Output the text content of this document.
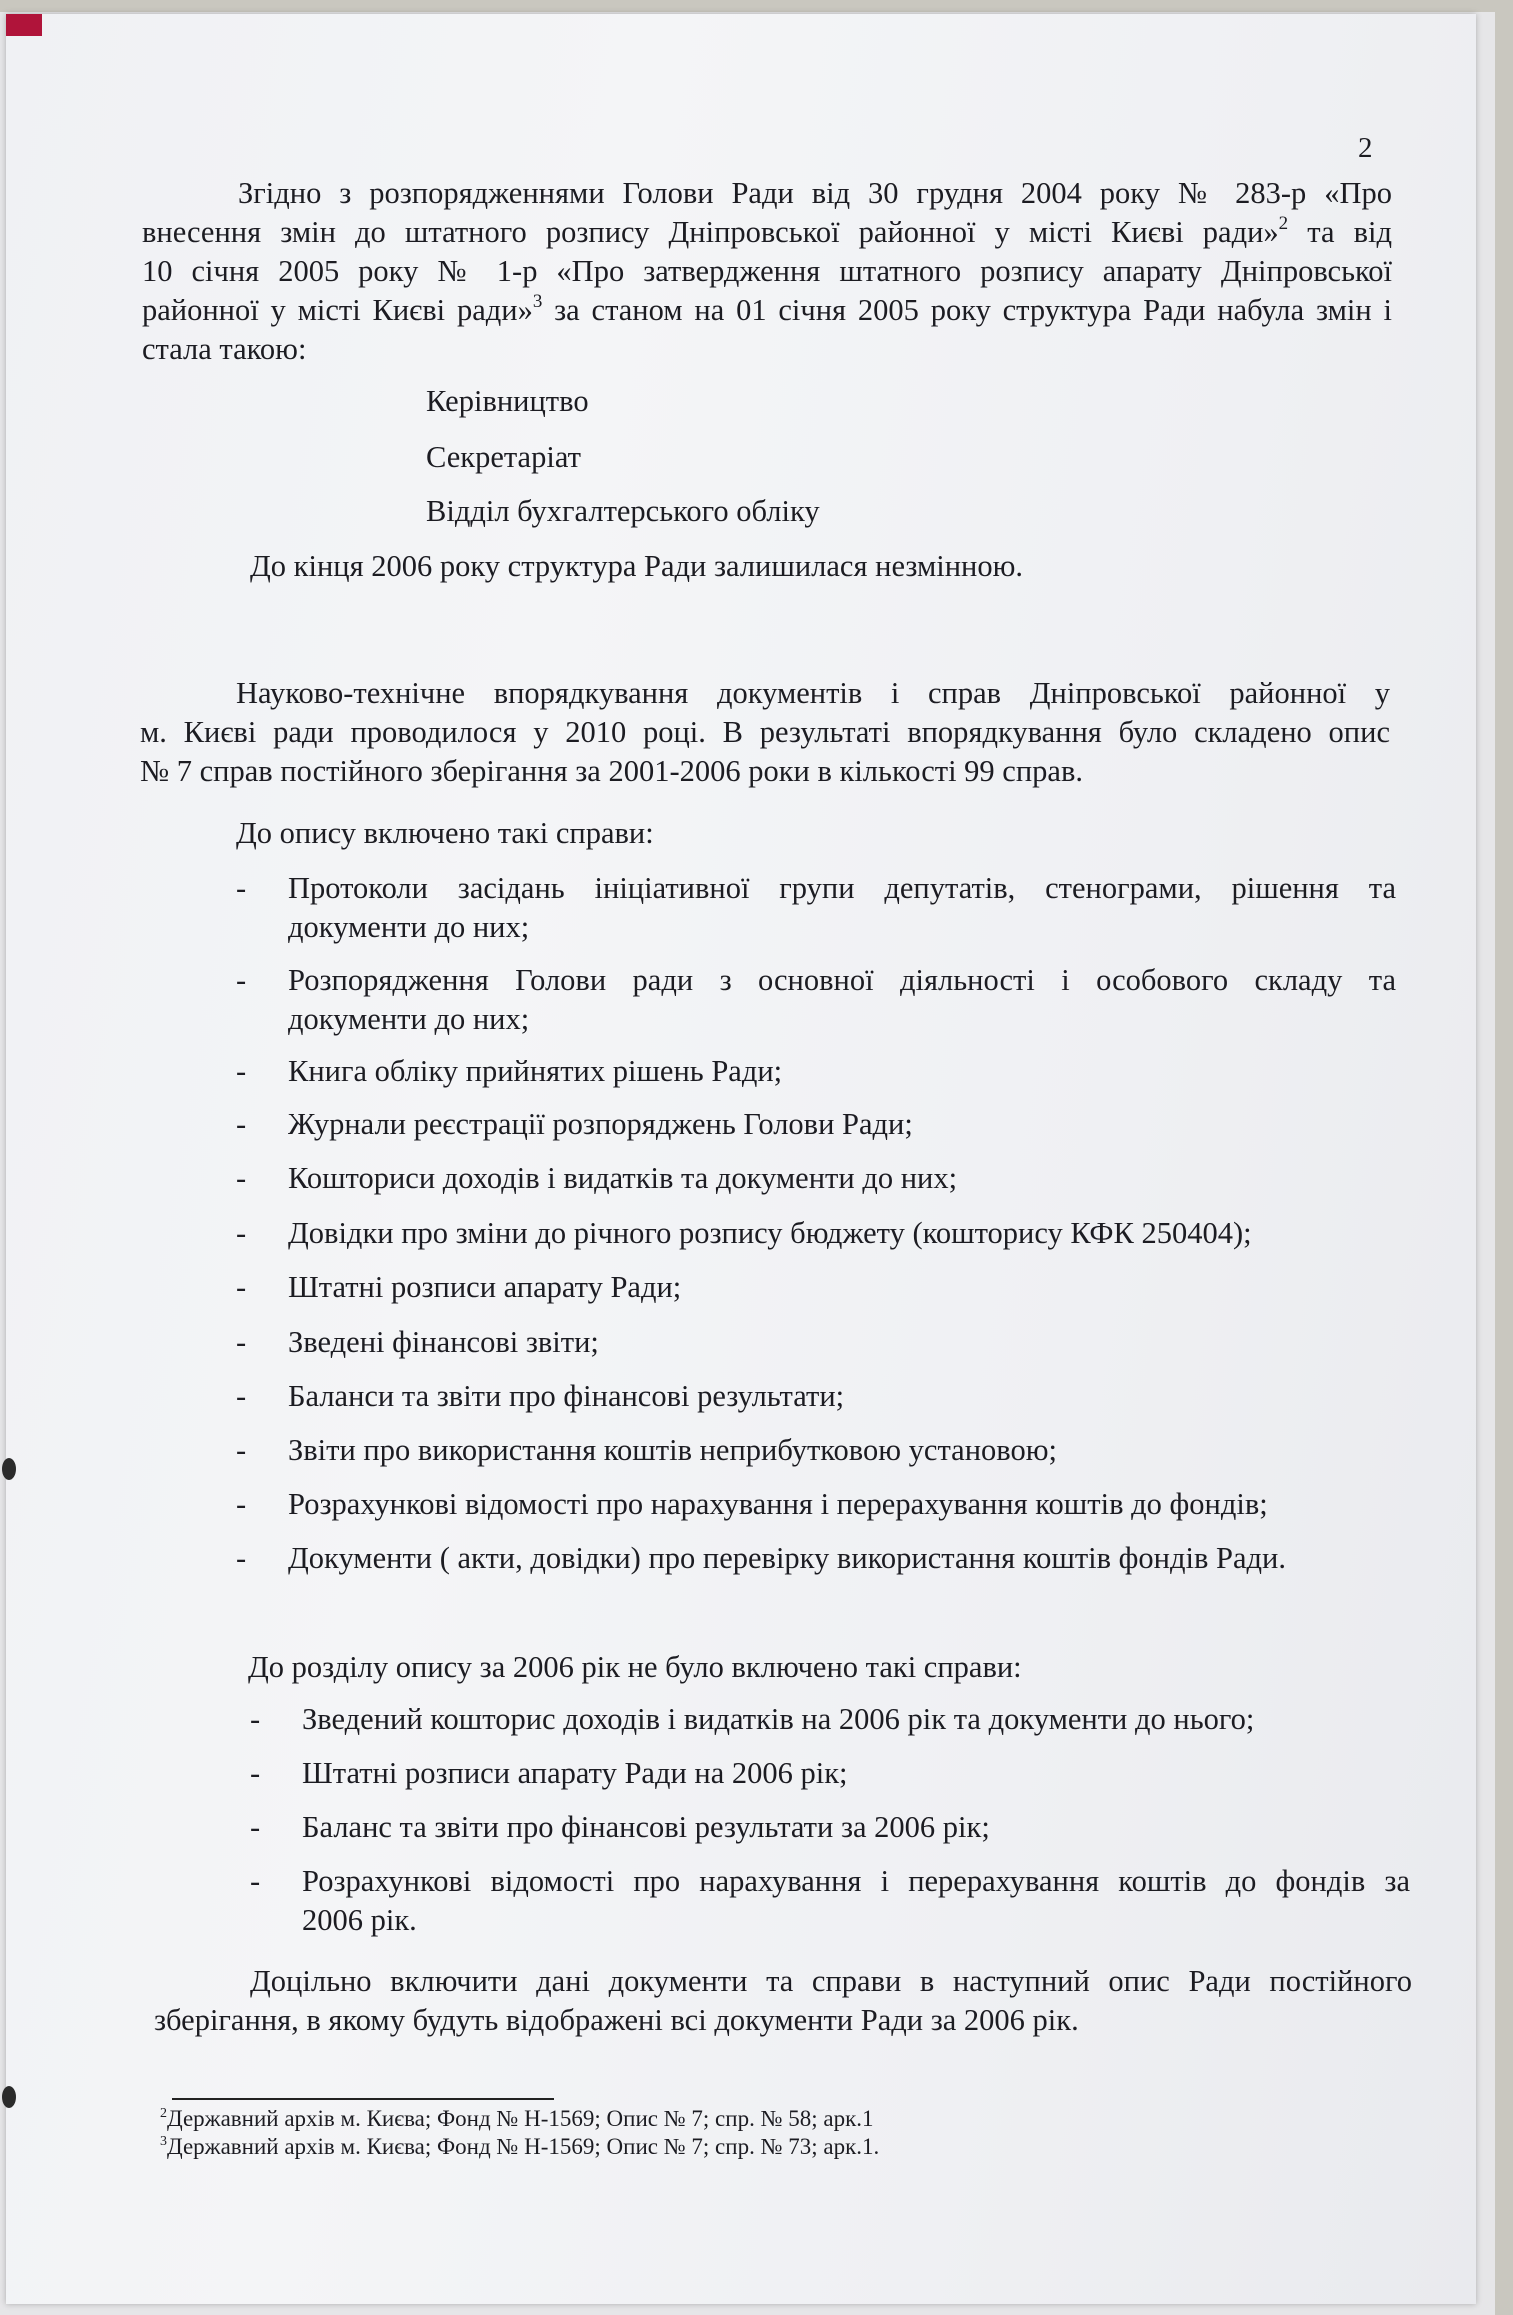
2
Згідно з розпорядженнями Голови Ради від 30 грудня 2004 року № 283-р «Про
внесення змін до штатного розпису Дніпровської районної у місті Києві ради»$^2$ та від
10 січня 2005 року № 1-р «Про затвердження штатного розпису апарату Дніпровської
районної у місті Києві ради»$^3$ за станом на 01 січня 2005 року структура Ради набула змін і
стала такою:
Керівництво
Секретаріат
Відділ бухгалтерського обліку
До кінця 2006 року структура Ради залишилася незмінною.
Науково-технічне впорядкування документів і справ Дніпровської районної у
м. Києві ради проводилося у 2010 році. В результаті впорядкування було складено опис
№ 7 справ постійного зберігання за 2001-2006 роки в кількості 99 справ.
До опису включено такі справи:
- Протоколи засідань ініціативної групи депутатів, стенограми, рішення та
документи до них;
- Розпорядження Голови ради з основної діяльності і особового складу та
документи до них;
- Книга обліку прийнятих рішень Ради;
- Журнали реєстрації розпоряджень Голови Ради;
- Кошториси доходів і видатків та документи до них;
- Довідки про зміни до річного розпису бюджету (кошторису КФК 250404);
- Штатні розписи апарату Ради;
- Зведені фінансові звіти;
- Баланси та звіти про фінансові результати;
- Звіти про використання коштів неприбутковою установою;
- Розрахункові відомості про нарахування і перерахування коштів до фондів;
- Документи ( акти, довідки) про перевірку використання коштів фондів Ради.
До розділу опису за 2006 рік не було включено такі справи:
- Зведений кошторис доходів і видатків на 2006 рік та документи до нього;
- Штатні розписи апарату Ради на 2006 рік;
- Баланс та звіти про фінансові результати за 2006 рік;
- Розрахункові відомості про нарахування і перерахування коштів до фондів за
2006 рік.
Доцільно включити дані документи та справи в наступний опис Ради постійного
зберігання, в якому будуть відображені всі документи Ради за 2006 рік.
$^2$Державний архів м. Києва; Фонд № Н-1569; Опис № 7; спр. № 58; арк.1
$^3$Державний архів м. Києва; Фонд № Н-1569; Опис № 7; спр. № 73; арк.1.
